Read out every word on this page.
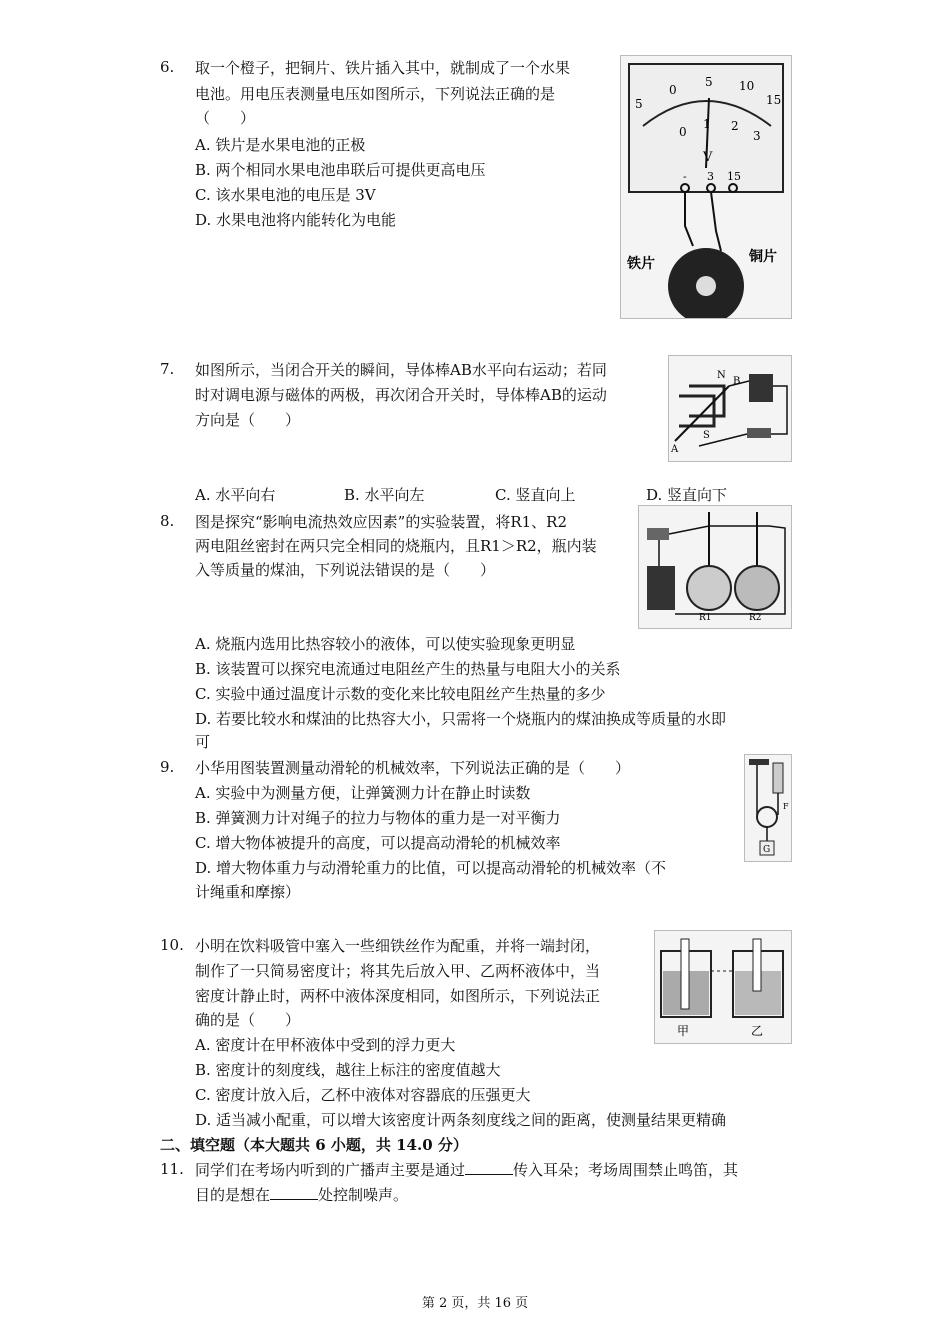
6. 取一个橙子，把铜片、铁片插入其中，就制成了一个水果
电池。用电压表测量电压如图所示，下列说法正确的是
（　　）
A. 铁片是水果电池的正极
B. 两个相同水果电池串联后可提供更高电压
C. 该水果电池的电压是 3V
D. 水果电池将内能转化为电能
5
0
5 10
15
0
1 2
3
V
- 3 15
铁片	铜片
7. 如图所示，当闭合开关的瞬间，导体棒AB水平向右运动；若同
时对调电源与磁体的两极，再次闭合开关时，导体棒AB的运动
方向是（　　）
A. 水平向右	B. 水平向左	C. 竖直向上	D. 竖直向下
N
S
A
B
8. 图是探究“影响电流热效应因素”的实验装置，将R1、R2
两电阻丝密封在两只完全相同的烧瓶内，且R1＞R2，瓶内装
入等质量的煤油，下列说法错误的是（　　）
A. 烧瓶内选用比热容较小的液体，可以使实验现象更明显
B. 该装置可以探究电流通过电阻丝产生的热量与电阻大小的关系
C. 实验中通过温度计示数的变化来比较电阻丝产生热量的多少
D. 若要比较水和煤油的比热容大小，只需将一个烧瓶内的煤油换成等质量的水即
可
R1	R2
9. 小华用图装置测量动滑轮的机械效率，下列说法正确的是（　　）
A. 实验中为测量方便，让弹簧测力计在静止时读数
B. 弹簧测力计对绳子的拉力与物体的重力是一对平衡力
C. 增大物体被提升的高度，可以提高动滑轮的机械效率
D. 增大物体重力与动滑轮重力的比值，可以提高动滑轮的机械效率（不
计绳重和摩擦）
G
F
10. 小明在饮料吸管中塞入一些细铁丝作为配重，并将一端封闭，
制作了一只简易密度计；将其先后放入甲、乙两杯液体中，当
密度计静止时，两杯中液体深度相同，如图所示，下列说法正
确的是（　　）
A. 密度计在甲杯液体中受到的浮力更大
B. 密度计的刻度线，越往上标注的密度值越大
C. 密度计放入后，乙杯中液体对容器底的压强更大
D. 适当减小配重，可以增大该密度计两条刻度线之间的距离，使测量结果更精确
甲	乙
二、填空题（本大题共 6 小题，共 14.0 分）
11. 同学们在考场内听到的广播声主要是通过	传入耳朵；考场周围禁止鸣笛，其
目的是想在	处控制噪声。
第 2 页，共 16 页
